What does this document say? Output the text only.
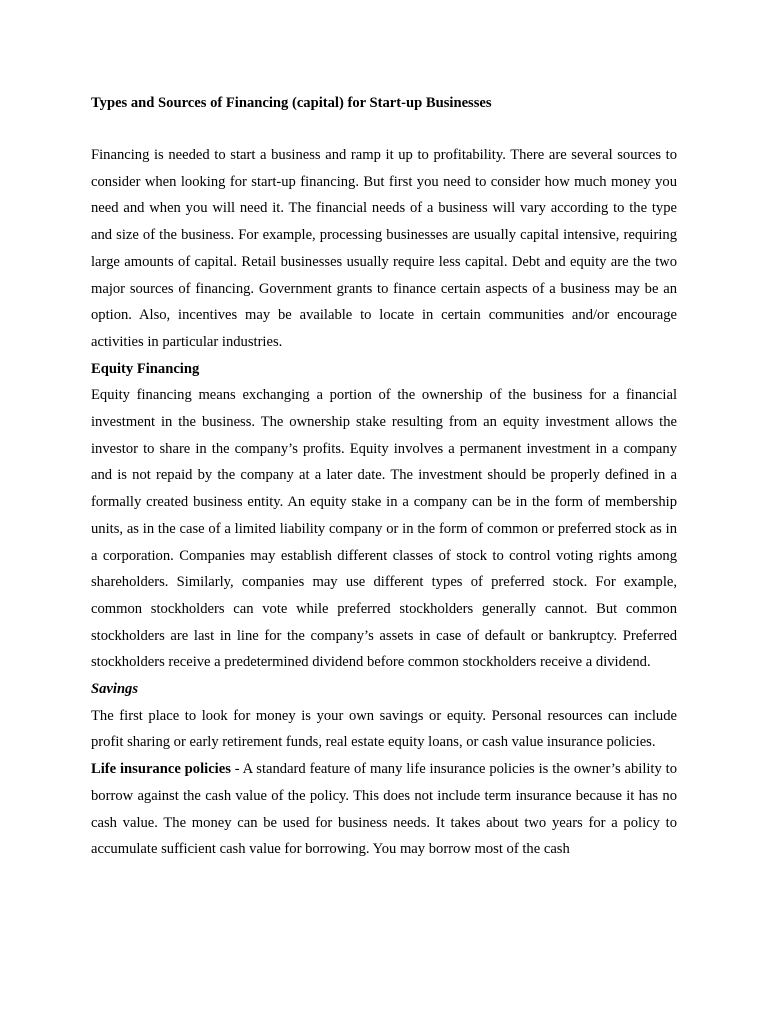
Types and Sources of Financing (capital) for Start-up Businesses

Financing is needed to start a business and ramp it up to profitability. There are several sources to consider when looking for start-up financing. But first you need to consider how much money you need and when you will need it. The financial needs of a business will vary according to the type and size of the business. For example, processing businesses are usually capital intensive, requiring large amounts of capital. Retail businesses usually require less capital. Debt and equity are the two major sources of financing. Government grants to finance certain aspects of a business may be an option. Also, incentives may be available to locate in certain communities and/or encourage activities in particular industries.

Equity Financing

Equity financing means exchanging a portion of the ownership of the business for a financial investment in the business. The ownership stake resulting from an equity investment allows the investor to share in the company’s profits. Equity involves a permanent investment in a company and is not repaid by the company at a later date. The investment should be properly defined in a formally created business entity. An equity stake in a company can be in the form of membership units, as in the case of a limited liability company or in the form of common or preferred stock as in a corporation. Companies may establish different classes of stock to control voting rights among shareholders. Similarly, companies may use different types of preferred stock. For example, common stockholders can vote while preferred stockholders generally cannot. But common stockholders are last in line for the company’s assets in case of default or bankruptcy. Preferred stockholders receive a predetermined dividend before common stockholders receive a dividend.

Savings

The first place to look for money is your own savings or equity. Personal resources can include profit sharing or early retirement funds, real estate equity loans, or cash value insurance policies.

Life insurance policies - A standard feature of many life insurance policies is the owner’s ability to borrow against the cash value of the policy. This does not include term insurance because it has no cash value. The money can be used for business needs. It takes about two years for a policy to accumulate sufficient cash value for borrowing. You may borrow most of the cash
